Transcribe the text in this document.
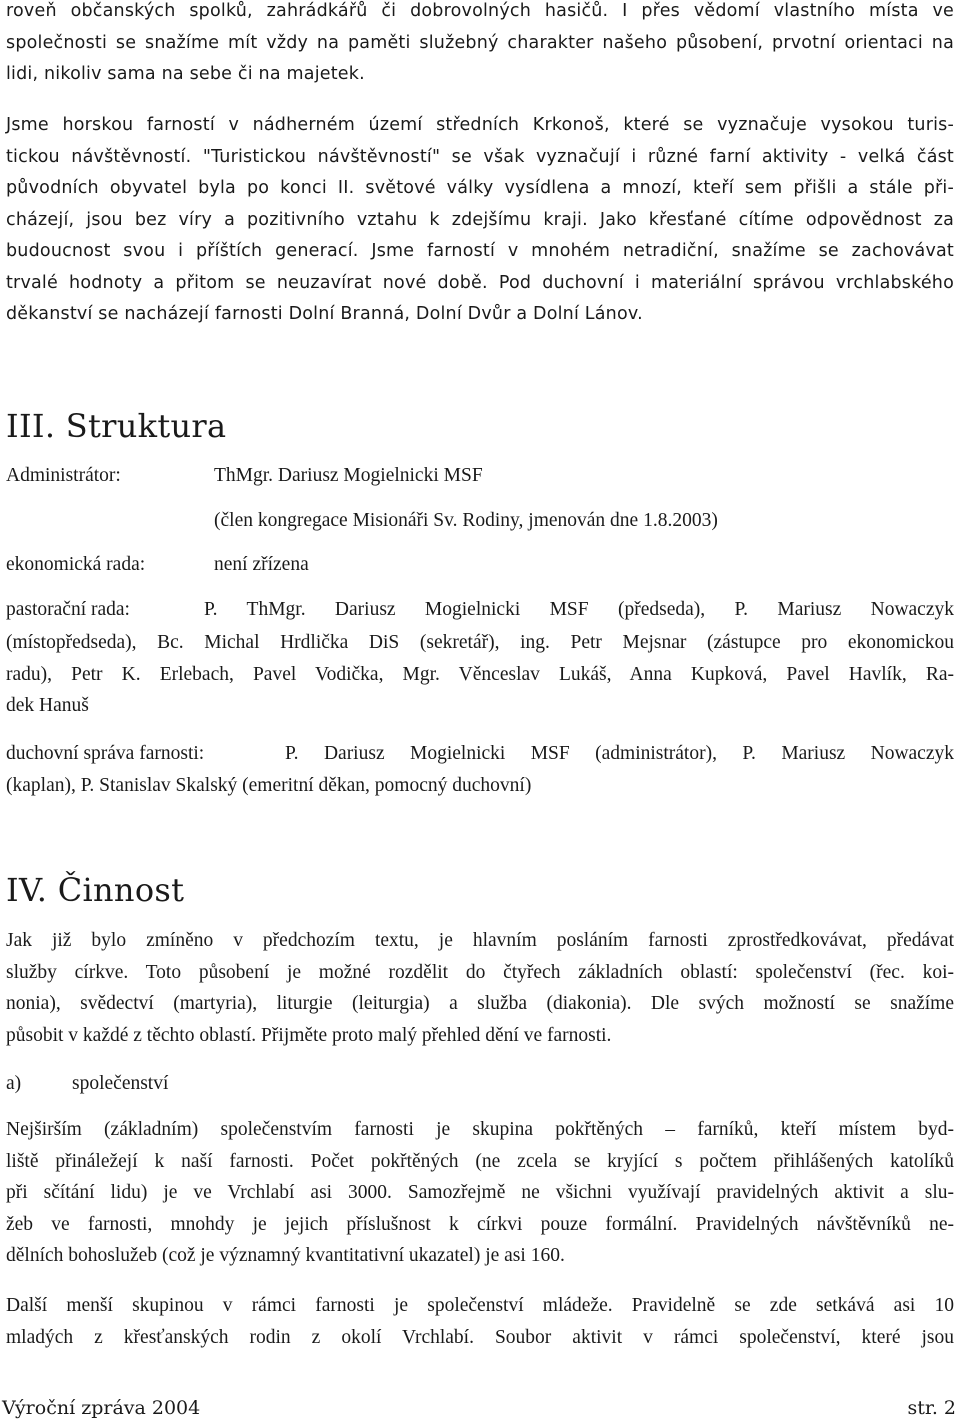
roveň občanských spolků, zahrádkářů či dobrovolných hasičů. I přes vědomí vlastního místa ve

společnosti se snažíme mít vždy na paměti služebný charakter našeho působení, prvotní orientaci na

lidi, nikoliv sama na sebe či na majetek.

Jsme horskou farností v nádherném území středních Krkonoš, které se vyznačuje vysokou turis-

tickou návštěvností. "Turistickou návštěvností" se však vyznačují i různé farní aktivity - velká část

původních obyvatel byla po konci II. světové války vysídlena a mnozí, kteří sem přišli a stále při-

cházejí, jsou bez víry a pozitivního vztahu k zdejšímu kraji. Jako křesťané cítíme odpovědnost za

budoucnost svou i příštích generací. Jsme farností v mnohém netradiční, snažíme se zachovávat

trvalé hodnoty a přitom se neuzavírat nové době. Pod duchovní i materiální správou vrchlabského

děkanství se nacházejí farnosti Dolní Branná, Dolní Dvůr a Dolní Lánov.

III. Struktura
Administrátor:	ThMgr. Dariusz Mogielnicki MSF
(člen kongregace Misionáři Sv. Rodiny, jmenován dne 1.8.2003)
ekonomická rada:	není zřízena
pastorační rada:	P. ThMgr. Dariusz Mogielnicki MSF (předseda), P. Mariusz Nowaczyk

(místopředseda), Bc. Michal Hrdlička DiS (sekretář), ing. Petr Mejsnar (zástupce pro ekonomickou

radu), Petr K. Erlebach, Pavel Vodička, Mgr. Věnceslav Lukáš, Anna Kupková, Pavel Havlík, Ra-

dek Hanuš

duchovní správa farnosti:	P. Dariusz Mogielnicki MSF (administrátor), P. Mariusz Nowaczyk

(kaplan), P. Stanislav Skalský (emeritní děkan, pomocný duchovní)
IV. Činnost

Jak již bylo zmíněno v předchozím textu, je hlavním posláním farnosti zprostředkovávat, předávat

služby církve. Toto působení je možné rozdělit do čtyřech základních oblastí: společenství (řec. koi-

nonia), svědectví (martyria), liturgie (leiturgia) a služba (diakonia). Dle svých možností se snažíme

působit v každé z těchto oblastí. Přijměte proto malý přehled dění ve farnosti.

a)	společenství

Nejširším (základním) společenstvím farnosti je skupina pokřtěných – farníků, kteří místem byd-

liště přináležejí k naší farnosti. Počet pokřtěných (ne zcela se kryjící s počtem přihlášených katolíků

při sčítání lidu) je ve Vrchlabí asi 3000. Samozřejmě ne všichni využívají pravidelných aktivit a slu-

žeb ve farnosti, mnohdy je jejich příslušnost k církvi pouze formální. Pravidelných návštěvníků ne-

dělních bohoslužeb (což je významný kvantitativní ukazatel) je asi 160.

Další menší skupinou v rámci farnosti je společenství mládeže. Pravidelně se zde setkává asi 10

mladých z křesťanských rodin z okolí Vrchlabí. Soubor aktivit v rámci společenství, které jsou

Výroční zpráva 2004	str. 2
